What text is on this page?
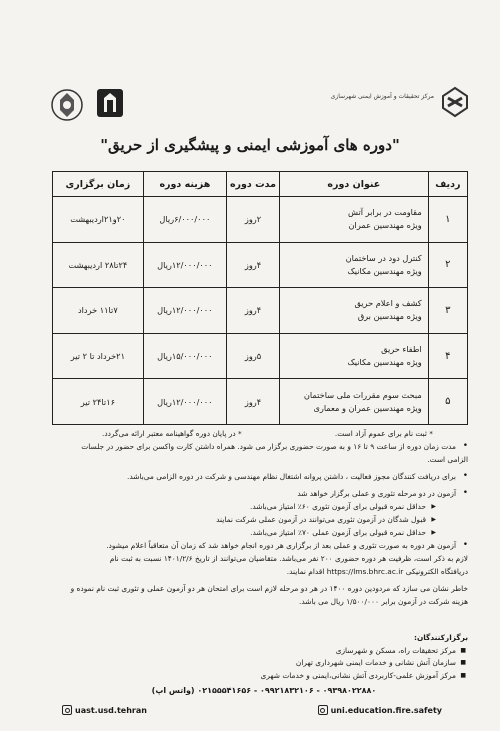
مرکز تحقیقات و آموزش ایمنی شهرسازی
"دوره های آموزشی ایمنی و پیشگیری از حریق"
ردیف	عنوان دوره	مدت دوره	هزینه دوره	زمان برگزاری
۱	مقاومت در برابر آتش
ویژه مهندسین عمران	۲روز	۶/۰۰۰/۰۰۰ریال	۲۰و۲۱اردیبهشت
۲	کنترل دود در ساختمان
ویژه مهندسین مکانیک	۴روز	۱۲/۰۰۰/۰۰۰ریال	۲۴تا۲۸ اردیبهشت
۳	کشف و اعلام حریق
ویژه مهندسین برق	۴روز	۱۲/۰۰۰/۰۰۰ریال	۷تا۱۱ خرداد
۴	اطفاء حریق
ویژه مهندسین مکانیک	۵روز	۱۵/۰۰۰/۰۰۰ریال	۲۱خرداد تا ۲ تیر
۵	مبحث سوم مقررات ملی ساختمان
ویژه مهندسین عمران و معماری	۴روز	۱۲/۰۰۰/۰۰۰ریال	۱۶تا۲۴ تیر
* ثبت نام برای عموم آزاد است.
* در پایان دوره گواهینامه معتبر ارائه می‌گردد.
• مدت زمان دوره از ساعت ۹ تا ۱۶ و به صورت حضوری برگزار می شود. همراه داشتن کارت واکسن برای حضور در جلسات
الزامی است.
• برای دریافت کنندگان مجوز فعالیت ، داشتن پروانه اشتغال نظام مهندسی و شرکت در دوره الزامی می‌باشد.
• آزمون در دو مرحله تئوری و عملی برگزار خواهد شد
▶ حداقل نمره قبولی برای آزمون تئوری ۶۰٪ امتیاز می‌باشد.
▶ قبول شدگان در آزمون تئوری می‌توانند در آزمون عملی شرکت نمایند
▶ حداقل نمره قبولی برای آزمون عملی ۷۰٪ امتیاز می‌باشد.
• آزمون هر دوره به صورت تئوری و عملی بعد از برگزاری هر دوره انجام خواهد شد که زمان آن متعاقباً اعلام میشود.
لازم به ذکر است، ظرفیت هر دوره حضوری ۲۰۰ نفر می‌باشد. متقاضیان می‌توانند از تاریخ ۱۴۰۱/۲/۶ نسبت به ثبت نام
دریافتگاه الکترونیکی https://lms.bhrc.ac.ir اقدام نمایند.
خاطر نشان می سازد که مردودین دوره ۱۴۰۰ در هر دو مرحله لازم است برای امتحان هر دو آزمون عملی و تئوری ثبت نام نموده و
هزینه شرکت در آزمون برابر ۱/۵۰۰/۰۰۰ ریال می باشد.
برگزارکنندگان:
■ مرکز تحقیقات راه، مسکن و شهرسازی
■ سازمان آتش نشانی و خدمات ایمنی شهرداری تهران
■ مرکز آموزش علمی-کاربردی آتش نشانی،ایمنی و خدمات شهری
(واتس اپ) ۰۹۳۹۸۰۲۲۸۸۰ - ۰۹۹۲۱۸۳۲۱۰۶ - ۰۲۱۵۵۵۴۱۶۵۶
uast.usd.tehran	uni.education.fire.safety
